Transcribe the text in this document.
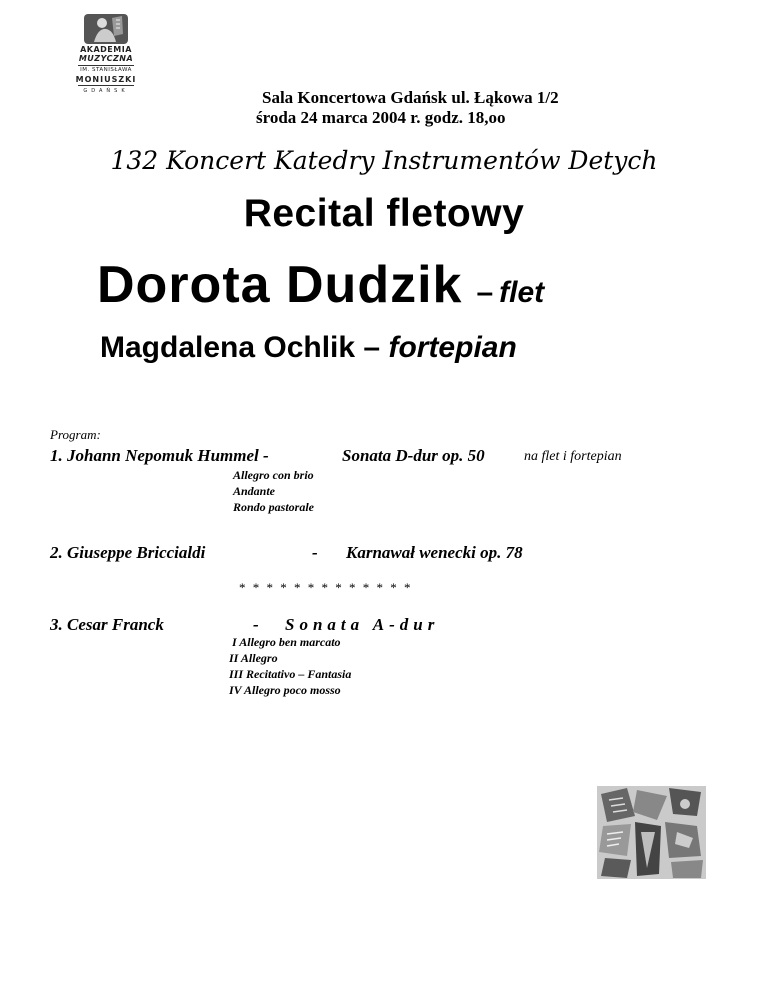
AKADEMIA
MUZYCZNA
IM. STANISŁAWA
MONIUSZKI
GDAŃSK	Sala Koncertowa Gdańsk ul. Łąkowa 1/2
środa 24 marca 2004 r. godz. 18,oo
132 Koncert Katedry Instrumentów Detych
Recital fletowy
Dorota Dudzik – flet
Magdalena Ochlik – fortepian
Program:
1. Johann Nepomuk Hummel -	Sonata D-dur op. 50	na flet i fortepian
Allegro con brio
Andante
Rondo pastorale
2. Giuseppe Briccialdi	- Karnawał wenecki op. 78
* * * * * * * * * * * * *
3. Cesar Franck	- Sonata A-dur
I Allegro ben marcato
II Allegro
III Recitativo – Fantasia
IV Allegro poco mosso
